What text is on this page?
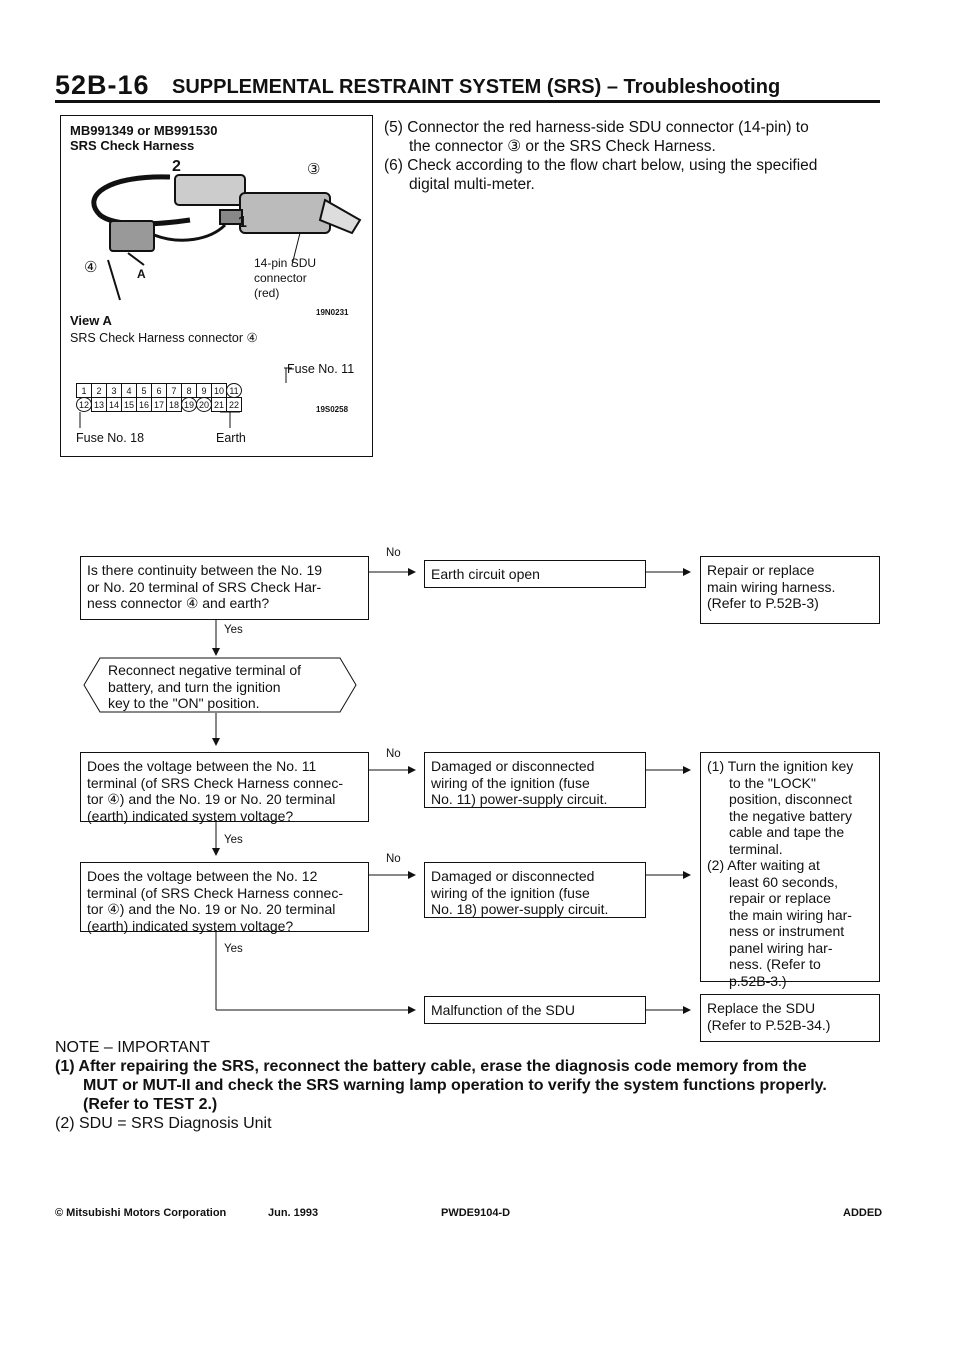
52B-16 SUPPLEMENTAL RESTRAINT SYSTEM (SRS) – Troubleshooting
MB991349 or MB991530
SRS Check Harness
2
1
③
④	A
14-pin SDU
connector
(red)
19N0231
View A
SRS Check Harness connector ④
Fuse No. 11
1	2	3	4	5	6	7	8	9 10 11
12 13 14 15 16 17 18 19 20 21 22	19S0258
Fuse No. 18	Earth
(5) Connector the red harness-side SDU connector (14-pin) to
the connector ③ or the SRS Check Harness.
(6) Check according to the flow chart below, using the specified
digital multi-meter.
Is there continuity between the No. 19
or No. 20 terminal of SRS Check Har-
ness connector ④ and earth?
Earth circuit open	Repair or replace
main wiring harness.
(Refer to P.52B-3)
Reconnect negative terminal of
battery, and turn the ignition
key to the "ON" position.
Does the voltage between the No. 11
terminal (of SRS Check Harness connec-
tor ④) and the No. 19 or No. 20 terminal
(earth) indicated system voltage?
Damaged or disconnected
wiring of the ignition (fuse
No. 11) power-supply circuit.
(1) Turn the ignition key
to the "LOCK"
position, disconnect
the negative battery
cable and tape the
terminal.
(2) After waiting at
least 60 seconds,
repair or replace
the main wiring har-
ness or instrument
panel wiring har-
ness. (Refer to
p.52B-3.)
Does the voltage between the No. 12
terminal (of SRS Check Harness connec-
tor ④) and the No. 19 or No. 20 terminal
(earth) indicated system voltage?
Damaged or disconnected
wiring of the ignition (fuse
No. 18) power-supply circuit.
Malfunction of the SDU	Replace the SDU
(Refer to P.52B-34.)
No
Yes
No
Yes
No
Yes
NOTE – IMPORTANT
(1) After repairing the SRS, reconnect the battery cable, erase the diagnosis code memory from the
MUT or MUT-II and check the SRS warning lamp operation to verify the system functions properly.
(Refer to TEST 2.)
(2) SDU = SRS Diagnosis Unit
© Mitsubishi Motors Corporation	Jun. 1993	PWDE9104-D	ADDED
